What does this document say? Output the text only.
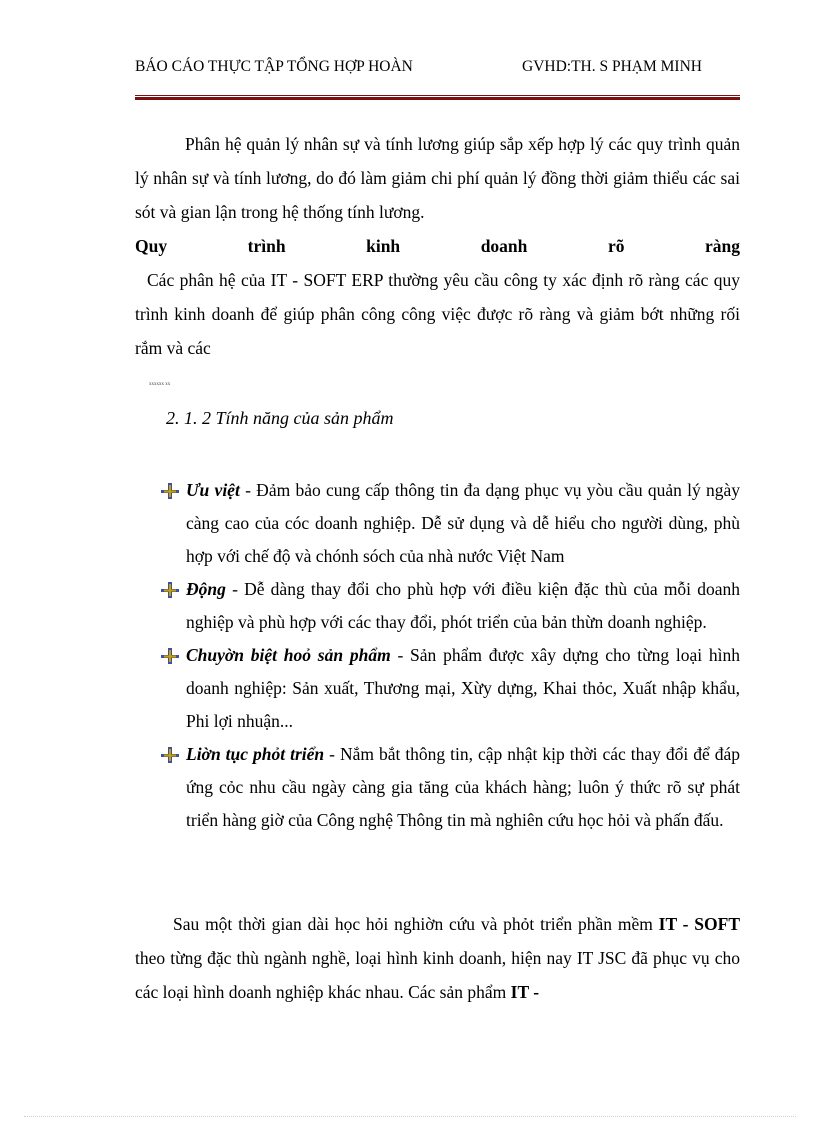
BÁO CÁO THỰC TẬP TỔNG HỢP HOÀN	GVHD:TH. S PHẠM MINH
Phân hệ quản lý nhân sự và tính lương giúp sắp xếp hợp lý các quy trình quản lý nhân sự và tính lương, do đó làm giảm chi phí quản lý đồng thời giảm thiểu các sai sót và gian lận trong hệ thống tính lương.
Quy trình kinh doanh rõ ràng
Các phân hệ của IT - SOFT ERP thường yêu cầu công ty xác định rõ ràng các quy trình kinh doanh để giúp phân công công việc được rõ ràng và giảm bớt những rối rắm và các
xxxxxx xx
2. 1. 2 Tính năng của sản phẩm
Ưu việt - Đảm bảo cung cấp thông tin đa dạng phục vụ yòu cầu quản lý ngày càng cao của cóc doanh nghiệp. Dễ sử dụng và dễ hiểu cho người dùng, phù hợp với chế độ và chónh sóch của nhà nước Việt Nam
Động - Dễ dàng thay đổi cho phù hợp với điều kiện đặc thù của mỗi doanh nghiệp và phù hợp với các thay đổi, phót triển của bản thừn doanh nghiệp.
Chuyờn biệt hoỏ sản phẩm - Sản phẩm được xây dựng cho từng loại hình doanh nghiệp: Sản xuất, Thương mại, Xừy dựng, Khai thỏc, Xuất nhập khẩu, Phi lợi nhuận...
Liờn tục phỏt triển - Nắm bắt thông tin, cập nhật kịp thời các thay đổi để đáp ứng cỏc nhu cầu ngày càng gia tăng của khách hàng; luôn ý thức rõ sự phát triển hàng giờ của Công nghệ Thông tin mà nghiên cứu học hỏi và phấn đấu.
Sau một thời gian dài học hỏi nghiờn cứu và phỏt triển phần mềm IT - SOFT theo từng đặc thù ngành nghề, loại hình kinh doanh, hiện nay IT JSC đã phục vụ cho các loại hình doanh nghiệp khác nhau. Các sản phẩm IT -
